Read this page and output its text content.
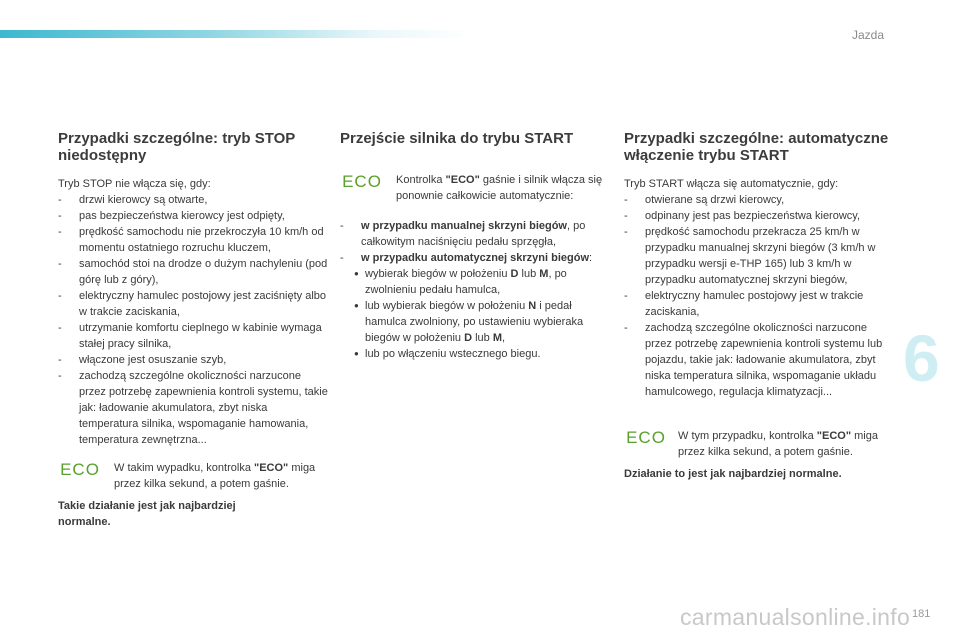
Jazda
6
Przypadki szczególne: tryb STOP niedostępny

Tryb STOP nie włącza się, gdy:

- drzwi kierowcy są otwarte,
- pas bezpieczeństwa kierowcy jest odpięty,
- prędkość samochodu nie przekroczyła 10 km/h od momentu ostatniego rozruchu kluczem,
- samochód stoi na drodze o dużym nachyleniu (pod górę lub z góry),
- elektryczny hamulec postojowy jest zaciśnięty albo w trakcie zaciskania,
- utrzymanie komfortu cieplnego w kabinie wymaga stałej pracy silnika,
- włączone jest osuszanie szyb,
- zachodzą szczególne okoliczności narzucone przez potrzebę zapewnienia kontroli systemu, takie jak: ładowanie akumulatora, zbyt niska temperatura silnika, wspomaganie hamowania, temperatura zewnętrzna...
ECO W takim wypadku, kontrolka "ECO" miga przez kilka sekund, a potem gaśnie.

Takie działanie jest jak najbardziej normalne.

Przejście silnika do trybu START
ECO Kontrolka "ECO" gaśnie i silnik włącza się ponownie całkowicie automatycznie:
- w przypadku manualnej skrzyni biegów, po całkowitym naciśnięciu pedału sprzęgła,
- w przypadku automatycznej skrzyni biegów:
● wybierak biegów w położeniu D lub M, po zwolnieniu pedału hamulca,
● lub wybierak biegów w położeniu N i pedał hamulca zwolniony, po ustawieniu wybieraka biegów w położeniu D lub M,
● lub po włączeniu wstecznego biegu.
Przypadki szczególne: automatyczne włączenie trybu START

Tryb START włącza się automatycznie, gdy:

- otwierane są drzwi kierowcy,
- odpinany jest pas bezpieczeństwa kierowcy,
- prędkość samochodu przekracza 25 km/h w przypadku manualnej skrzyni biegów (3 km/h w przypadku wersji e-THP 165) lub 3 km/h w przypadku automatycznej skrzyni biegów,
- elektryczny hamulec postojowy jest w trakcie zaciskania,
- zachodzą szczególne okoliczności narzucone przez potrzebę zapewnienia kontroli systemu lub pojazdu, takie jak: ładowanie akumulatora, zbyt niska temperatura silnika, wspomaganie układu hamulcowego, regulacja klimatyzacji...
ECO W tym przypadku, kontrolka "ECO" miga przez kilka sekund, a potem gaśnie.

Działanie to jest jak najbardziej normalne.

carmanualsonline.info 181
